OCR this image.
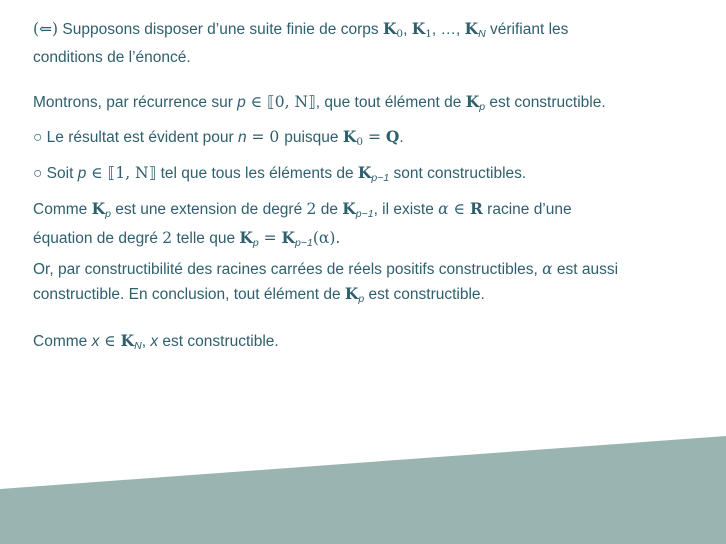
(⇐) Supposons disposer d’une suite finie de corps K0, K1, …, $K_N$ vérifiant les
conditions de l’énoncé.
Montrons, par récurrence sur p ∈ ⟦0, N⟧, que tout élément de $K_p$ est constructible.
○ Le résultat est évident pour n = 0 puisque K0 = Q.
○ Soit p ∈ ⟦1, N⟧ tel que tous les éléments de $K_{p-1}$ sont constructibles.
Comme $K_p$ est une extension de degré 2 de $K_{p-1}$, il existe α ∈ R racine d’une
équation de degré 2 telle que $K_p = K_{p-1}(\alpha)$.
Or, par constructibilité des racines carrées de réels positifs constructibles, α est aussi
constructible. En conclusion, tout élément de $K_p$ est constructible.
Comme x ∈ $K_N$, x est constructible.
